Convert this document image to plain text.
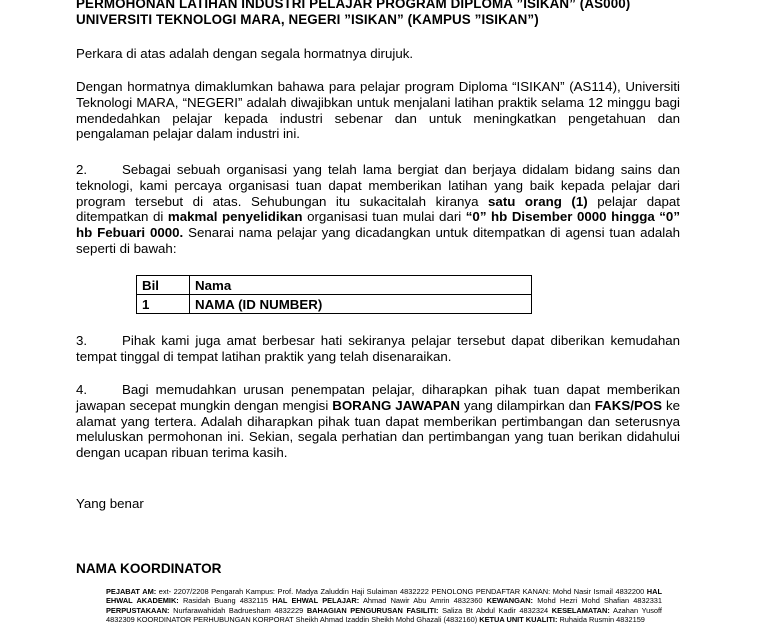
PERMOHONAN LATIHAN INDUSTRI PELAJAR PROGRAM DIPLOMA ”ISIKAN” (AS000)
UNIVERSITI TEKNOLOGI MARA, NEGERI ”ISIKAN” (KAMPUS ”ISIKAN”)
Perkara di atas adalah dengan segala hormatnya dirujuk.
Dengan hormatnya dimaklumkan bahawa para pelajar program Diploma “ISIKAN” (AS114), Universiti Teknologi MARA, “NEGERI” adalah diwajibkan untuk menjalani latihan praktik selama 12 minggu bagi mendedahkan pelajar kepada industri sebenar dan untuk meningkatkan pengetahuan dan pengalaman pelajar dalam industri ini.
2.	Sebagai sebuah organisasi yang telah lama bergiat dan berjaya didalam bidang sains dan teknologi, kami percaya organisasi tuan dapat memberikan latihan yang baik kepada pelajar dari program tersebut di atas. Sehubungan itu sukacitalah kiranya satu orang (1) pelajar dapat ditempatkan di makmal penyelidikan organisasi tuan mulai dari “0” hb Disember 0000 hingga “0” hb Febuari 0000. Senarai nama pelajar yang dicadangkan untuk ditempatkan di agensi tuan adalah seperti di bawah:
Bil	Nama
1	NAMA (ID NUMBER)
3.	Pihak kami juga amat berbesar hati sekiranya pelajar tersebut dapat diberikan kemudahan tempat tinggal di tempat latihan praktik yang telah disenaraikan.
4.	Bagi memudahkan urusan penempatan pelajar, diharapkan pihak tuan dapat memberikan jawapan secepat mungkin dengan mengisi BORANG JAWAPAN yang dilampirkan dan FAKS/POS ke alamat yang tertera. Adalah diharapkan pihak tuan dapat memberikan pertimbangan dan seterusnya meluluskan permohonan ini. Sekian, segala perhatian dan pertimbangan yang tuan berikan didahului dengan ucapan ribuan terima kasih.
Yang benar
NAMA KOORDINATOR
PEJABAT AM: ext- 2207/2208 Pengarah Kampus: Prof. Madya Zaluddin Haji Sulaiman 4832222 PENOLONG PENDAFTAR KANAN: Mohd Nasir Ismail 4832200 HAL EHWAL AKADEMIK: Rasidah Buang 4832115 HAL EHWAL PELAJAR: Ahmad Nawir Abu Amrin 4832360 KEWANGAN: Mohd Hezri Mohd Shafian 4832331 PERPUSTAKAAN: Nurfarawahidah Badruesham 4832229 BAHAGIAN PENGURUSAN FASILITI: Saliza Bt Abdul Kadir 4832324 KESELAMATAN: Azahan Yusoff 4832309 KOORDINATOR PERHUBUNGAN KORPORAT Sheikh Ahmad Izaddin Sheikh Mohd Ghazali (4832160) KETUA UNIT KUALITI: Ruhaida Rusmin 4832159
